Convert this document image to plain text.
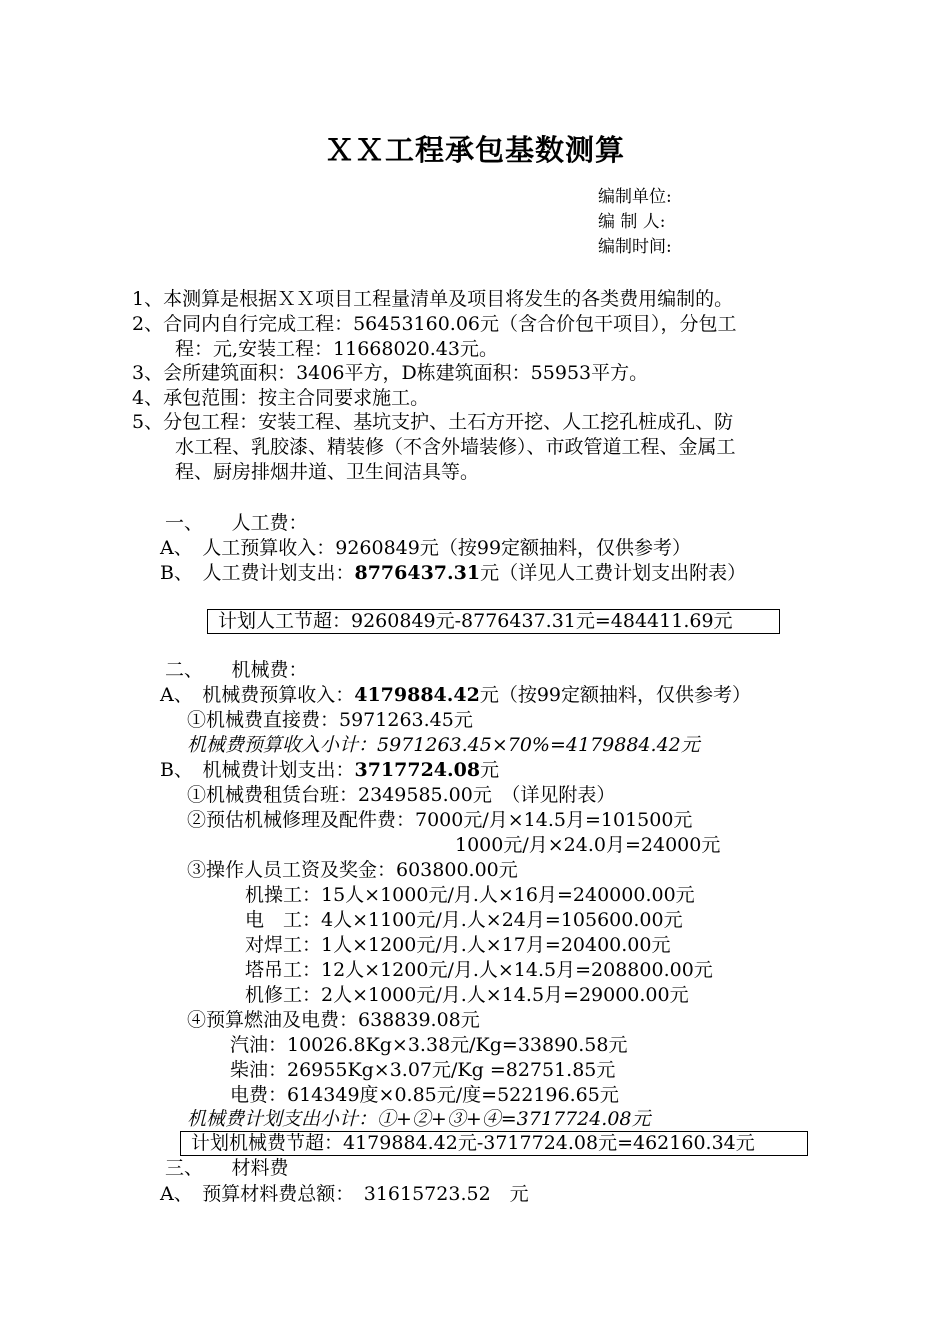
ＸＸ工程承包基数测算
编制单位:
编 制 人:
编制时间:
1、本测算是根据ＸＸ项目工程量清单及项目将发生的各类费用编制的。
2、合同内自行完成工程：56453160.06元（含合价包干项目），分包工
程：元,安装工程：11668020.43元。
3、会所建筑面积：3406平方，D栋建筑面积：55953平方。
4、承包范围：按主合同要求施工。
5、分包工程：安装工程、基坑支护、土石方开挖、人工挖孔桩成孔、防
水工程、乳胶漆、精装修（不含外墙装修）、市政管道工程、金属工
程、厨房排烟井道、卫生间洁具等。
一、　　人工费：
A、　人工预算收入：9260849元（按99定额抽料，仅供参考）
B、　人工费计划支出：8776437.31元（详见人工费计划支出附表）
计划人工节超：9260849元-8776437.31元=484411.69元
二、　　机械费：
A、　机械费预算收入：4179884.42元（按99定额抽料，仅供参考）
①机械费直接费：5971263.45元
机械费预算收入小计：5971263.45×70%=4179884.42元
B、　机械费计划支出：3717724.08元
①机械费租赁台班：2349585.00元　（详见附表）
②预估机械修理及配件费：7000元/月×14.5月=101500元
1000元/月×24.0月=24000元
③操作人员工资及奖金：603800.00元
机操工：15人×1000元/月.人×16月=240000.00元
电　工：4人×1100元/月.人×24月=105600.00元
对焊工：1人×1200元/月.人×17月=20400.00元
塔吊工：12人×1200元/月.人×14.5月=208800.00元
机修工：2人×1000元/月.人×14.5月=29000.00元
④预算燃油及电费：638839.08元
汽油：10026.8Kg×3.38元/Kg=33890.58元
柴油：26955Kg×3.07元/Kg =82751.85元
电费：614349度×0.85元/度=522196.65元
机械费计划支出小计：①+②+③+④=3717724.08元
计划机械费节超：4179884.42元-3717724.08元=462160.34元
三、　　材料费
A、　预算材料费总额：　31615723.52　元
